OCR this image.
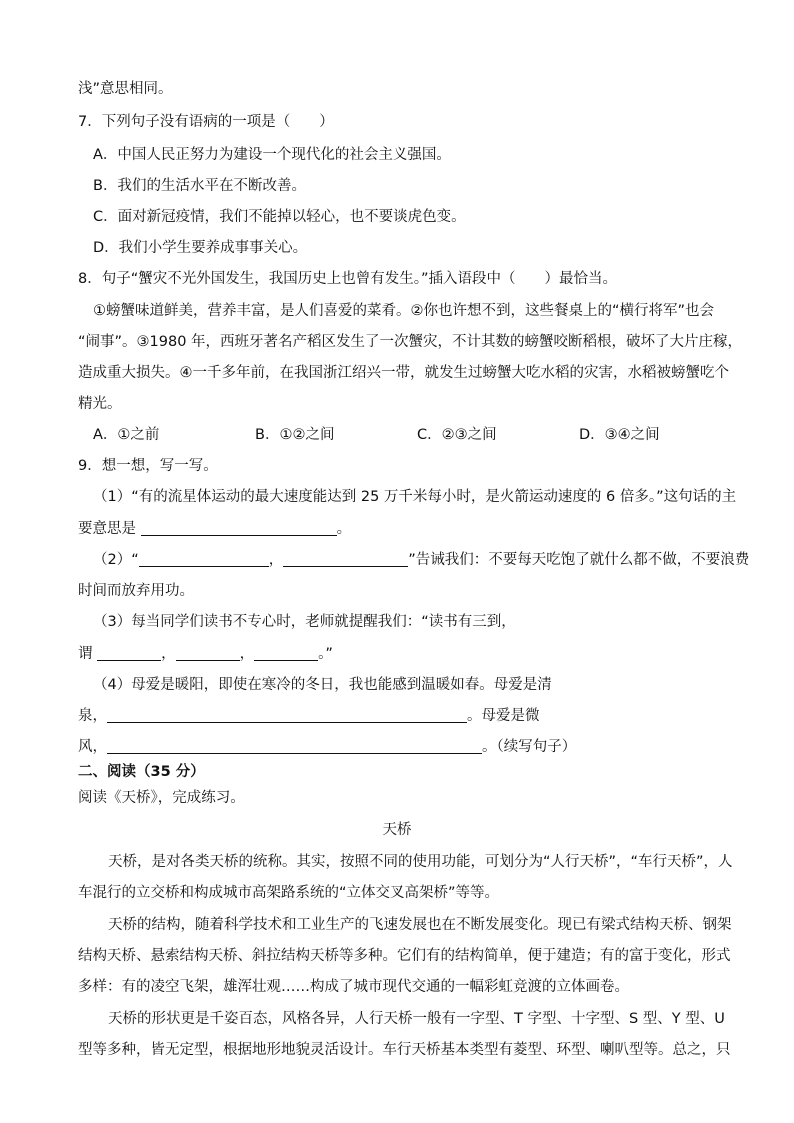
浅”意思相同。
7．下列句子没有语病的一项是（　　）
A．中国人民正努力为建设一个现代化的社会主义强国。
B．我们的生活水平在不断改善。
C．面对新冠疫情，我们不能掉以轻心，也不要谈虎色变。
D．我们小学生要养成事事关心。
8．句子“蟹灾不光外国发生，我国历史上也曾有发生。”插入语段中（　　）最恰当。
①螃蟹味道鲜美，营养丰富，是人们喜爱的菜肴。②你也许想不到，这些餐桌上的“横行将军”也会
“闹事”。③1980 年，西班牙著名产稻区发生了一次蟹灾，不计其数的螃蟹咬断稻根，破坏了大片庄稼，
造成重大损失。④一千多年前，在我国浙江绍兴一带，就发生过螃蟹大吃水稻的灾害，水稻被螃蟹吃个
精光。
A．①之前	B．①②之间	C．②③之间	D．③④之间
9．想一想，写一写。
（1）“有的流星体运动的最大速度能达到 25 万千米每小时，是火箭运动速度的 6 倍多。”这句话的主
要意思是	。
（2）“	，	”告诫我们：不要每天吃饱了就什么都不做，不要浪费
时间而放弃用功。
（3）每当同学们读书不专心时，老师就提醒我们：“读书有三到，
谓	，	，	。”
（4）母爱是暖阳，即使在寒冷的冬日，我也能感到温暖如春。母爱是清
泉，	。母爱是微
风，	。（续写句子）
二、阅读（35 分）
阅读《天桥》，完成练习。
天桥
天桥，是对各类天桥的统称。其实，按照不同的使用功能，可划分为“人行天桥”，“车行天桥”，人
车混行的立交桥和构成城市高架路系统的“立体交叉高架桥”等等。
天桥的结构，随着科学技术和工业生产的飞速发展也在不断发展变化。现已有梁式结构天桥、钢架
结构天桥、悬索结构天桥、斜拉结构天桥等多种。它们有的结构简单，便于建造；有的富于变化，形式
多样：有的凌空飞架，雄浑壮观……构成了城市现代交通的一幅彩虹竞渡的立体画卷。
天桥的形状更是千姿百态，风格各异，人行天桥一般有一字型、T 字型、十字型、S 型、Y 型、U
型等多种，皆无定型，根据地形地貌灵活设计。车行天桥基本类型有菱型、环型、喇叭型等。总之，只
